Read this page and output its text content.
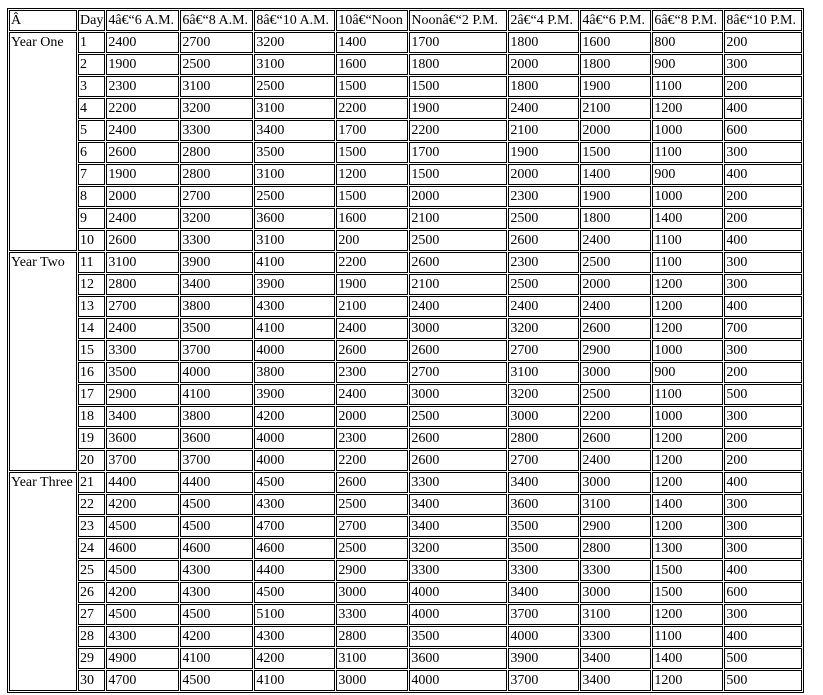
Â	Day	4â€“6 A.M.	6â€“8 A.M.	8â€“10 A.M.	10â€“Noon	Noonâ€“2 P.M.	2â€“4 P.M.	4â€“6 P.M.	6â€“8 P.M.	8â€“10 P.M.
Year One	1	2400	2700	3200	1400	1700	1800	1600	800	200
	2	1900	2500	3100	1600	1800	2000	1800	900	300
	3	2300	3100	2500	1500	1500	1800	1900	1100	200
	4	2200	3200	3100	2200	1900	2400	2100	1200	400
	5	2400	3300	3400	1700	2200	2100	2000	1000	600
	6	2600	2800	3500	1500	1700	1900	1500	1100	300
	7	1900	2800	3100	1200	1500	2000	1400	900	400
	8	2000	2700	2500	1500	2000	2300	1900	1000	200
	9	2400	3200	3600	1600	2100	2500	1800	1400	200
	10	2600	3300	3100	200	2500	2600	2400	1100	400
Year Two	11	3100	3900	4100	2200	2600	2300	2500	1100	300
	12	2800	3400	3900	1900	2100	2500	2000	1200	300
	13	2700	3800	4300	2100	2400	2400	2400	1200	400
	14	2400	3500	4100	2400	3000	3200	2600	1200	700
	15	3300	3700	4000	2600	2600	2700	2900	1000	300
	16	3500	4000	3800	2300	2700	3100	3000	900	200
	17	2900	4100	3900	2400	3000	3200	2500	1100	500
	18	3400	3800	4200	2000	2500	3000	2200	1000	300
	19	3600	3600	4000	2300	2600	2800	2600	1200	200
	20	3700	3700	4000	2200	2600	2700	2400	1200	200
Year Three	21	4400	4400	4500	2600	3300	3400	3000	1200	400
	22	4200	4500	4300	2500	3400	3600	3100	1400	300
	23	4500	4500	4700	2700	3400	3500	2900	1200	300
	24	4600	4600	4600	2500	3200	3500	2800	1300	300
	25	4500	4300	4400	2900	3300	3300	3300	1500	400
	26	4200	4300	4500	3000	4000	3400	3000	1500	600
	27	4500	4500	5100	3300	4000	3700	3100	1200	300
	28	4300	4200	4300	2800	3500	4000	3300	1100	400
	29	4900	4100	4200	3100	3600	3900	3400	1400	500
	30	4700	4500	4100	3000	4000	3700	3400	1200	500
